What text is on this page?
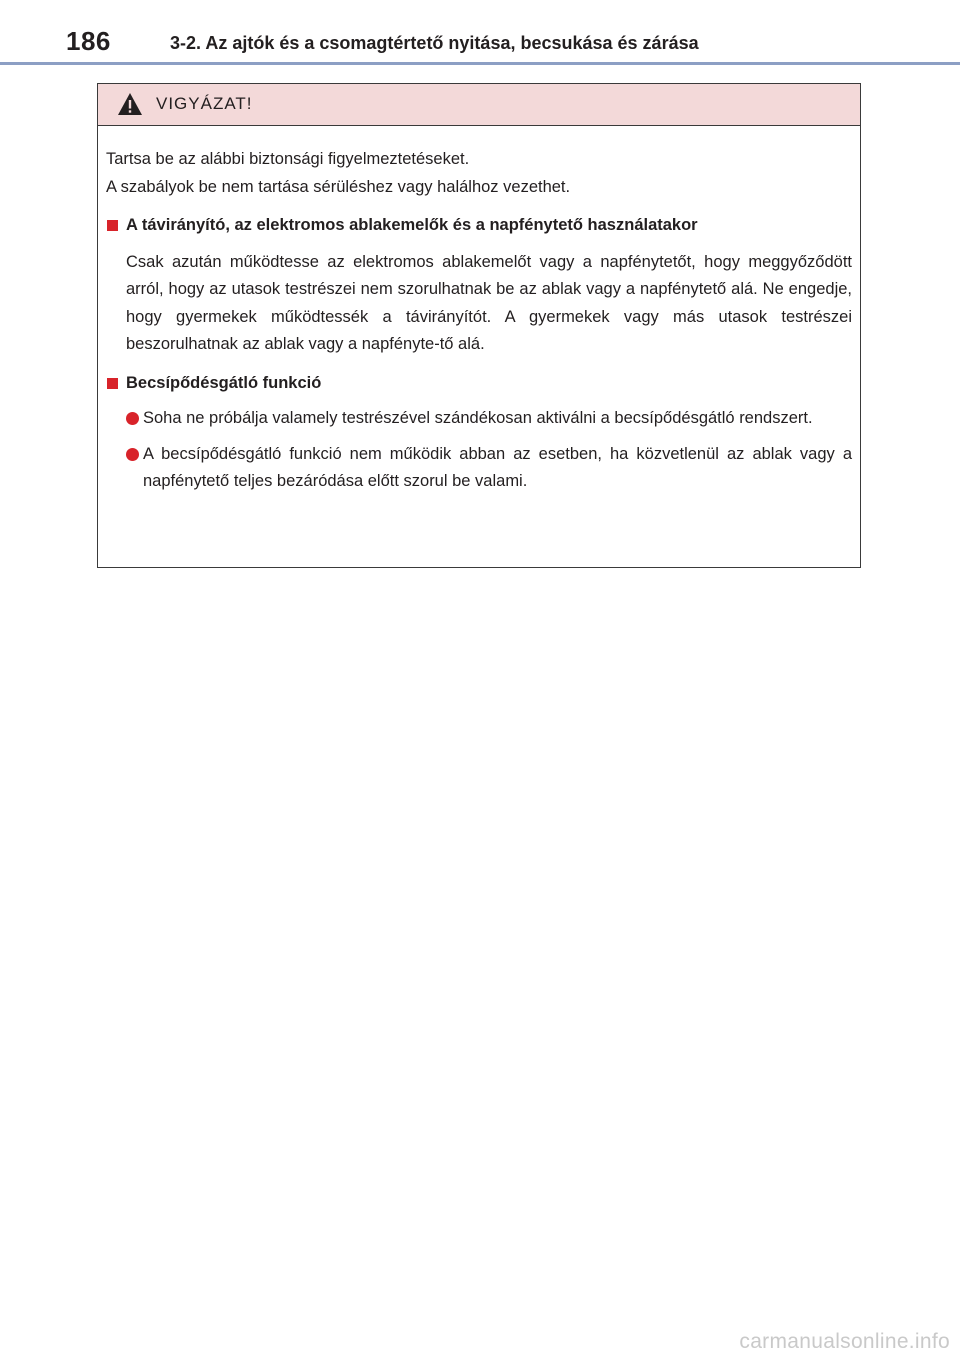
186	3-2. Az ajtók és a csomagtértető nyitása, becsukása és zárása
VIGYÁZAT!

Tartsa be az alábbi biztonsági figyelmeztetéseket.

A szabályok be nem tartása sérüléshez vagy halálhoz vezethet.

A távirányító, az elektromos ablakemelők és a napfénytető használatakor
Csak azután működtesse az elektromos ablakemelőt vagy a napfénytetőt, hogy meggyőződött arról, hogy az utasok testrészei nem szorulhatnak be az ablak vagy a napfénytető alá. Ne engedje, hogy gyermekek működtessék a távirányítót. A gyermekek vagy más utasok testrészei beszorulhatnak az ablak vagy a napfényte-tő alá.
Becsípődésgátló funkció
Soha ne próbálja valamely testrészével szándékosan aktiválni a becsípődésgátló rendszert.
A becsípődésgátló funkció nem működik abban az esetben, ha közvetlenül az ablak vagy a napfénytető teljes bezáródása előtt szorul be valami.
carmanualsonline.info
